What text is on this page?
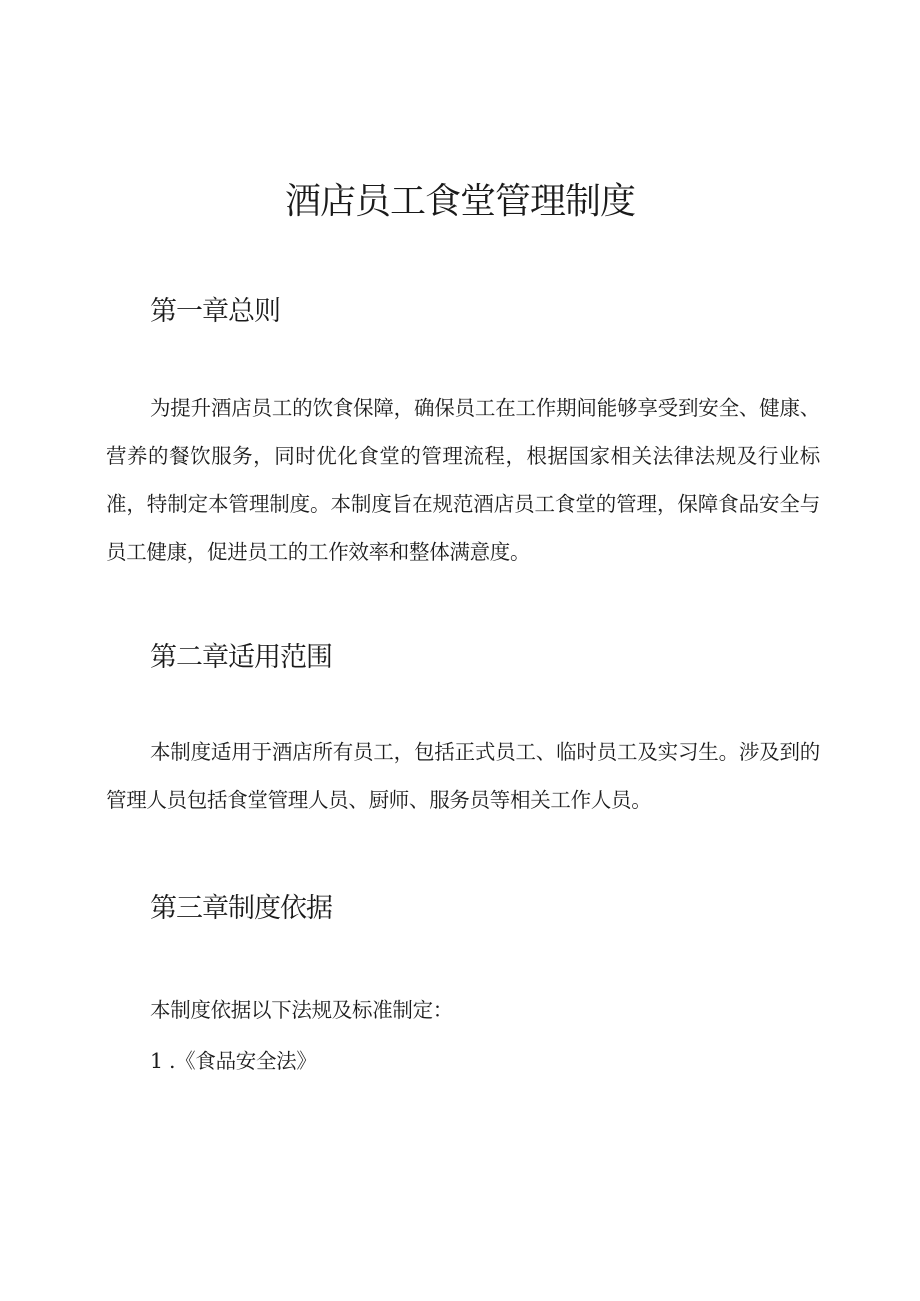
酒店员工食堂管理制度
第一章总则

为提升酒店员工的饮食保障，确保员工在工作期间能够享受到安全、健康、营养的餐饮服务，同时优化食堂的管理流程，根据国家相关法律法规及行业标准，特制定本管理制度。本制度旨在规范酒店员工食堂的管理，保障食品安全与员工健康，促进员工的工作效率和整体满意度。

第二章适用范围

本制度适用于酒店所有员工，包括正式员工、临时员工及实习生。涉及到的管理人员包括食堂管理人员、厨师、服务员等相关工作人员。

第三章制度依据

本制度依据以下法规及标准制定：

1 .《食品安全法》
